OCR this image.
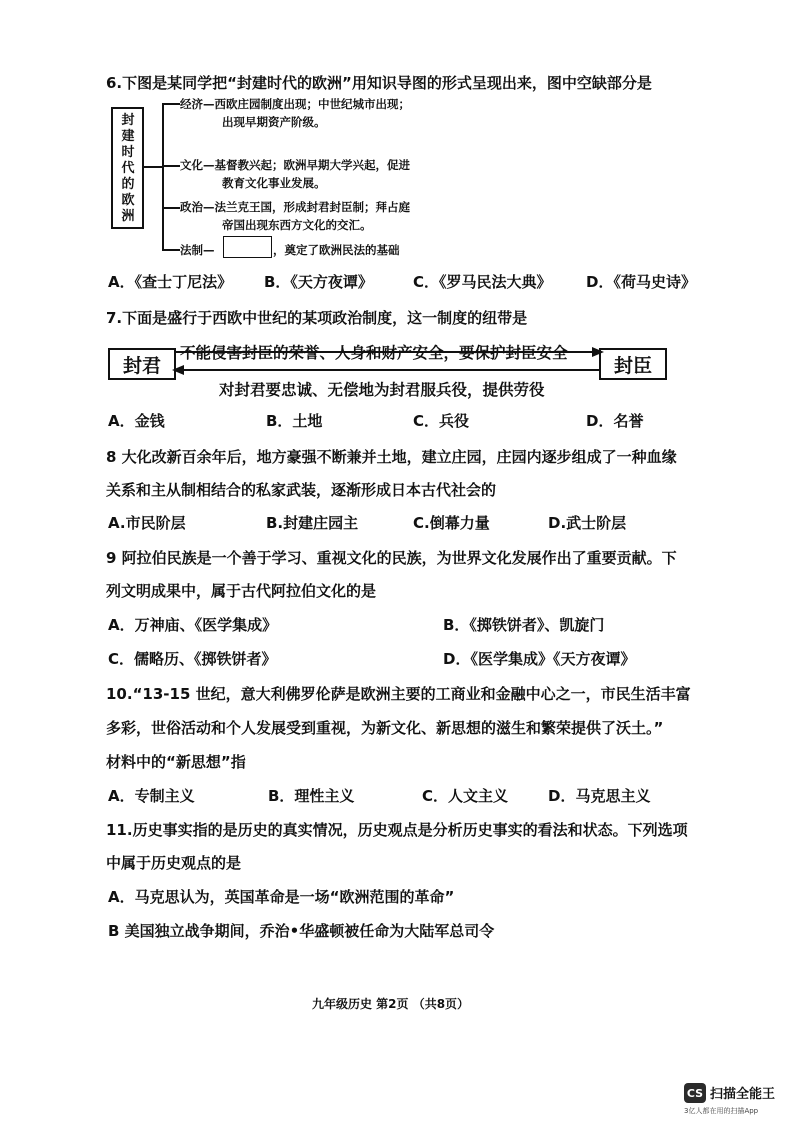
6.下图是某同学把“封建时代的欧洲”用知识导图的形式呈现出来，图中空缺部分是
封建时代的欧洲
经济—西欧庄园制度出现；中世纪城市出现；
出现早期资产阶级。
文化—基督教兴起；欧洲早期大学兴起，促进
教育文化事业发展。
政治—法兰克王国，形成封君封臣制；拜占庭
帝国出现东西方文化的交汇。
法制—	，奠定了欧洲民法的基础
A．《查士丁尼法》 B．《天方夜谭》	C．《罗马民法大典》 D．《荷马史诗》
7.下面是盛行于西欧中世纪的某项政治制度，这一制度的纽带是
封君	封臣
不能侵害封臣的荣誉、人身和财产安全，要保护封臣安全
对封君要忠诚、无偿地为封君服兵役，提供劳役
A．金钱	B．土地	C．兵役	D．名誉
8 大化改新百余年后，地方豪强不断兼并土地，建立庄园，庄园内逐步组成了一种血缘
关系和主从制相结合的私家武装，逐渐形成日本古代社会的
A.市民阶层	B.封建庄园主	C.倒幕力量	D.武士阶层
9 阿拉伯民族是一个善于学习、重视文化的民族，为世界文化发展作出了重要贡献。下
列文明成果中，属于古代阿拉伯文化的是
A．万神庙、《医学集成》	B．《掷铁饼者》、凯旋门
C．儒略历、《掷铁饼者》	D．《医学集成》《天方夜谭》
10.“13-15 世纪，意大利佛罗伦萨是欧洲主要的工商业和金融中心之一，市民生活丰富
多彩，世俗活动和个人发展受到重视，为新文化、新思想的滋生和繁荣提供了沃土。”
材料中的“新思想”指
A．专制主义	B．理性主义	C．人文主义	D．马克思主义
11.历史事实指的是历史的真实情况，历史观点是分析历史事实的看法和状态。下列选项
中属于历史观点的是
A．马克思认为，英国革命是一场“欧洲范围的革命”
B 美国独立战争期间，乔治•华盛顿被任命为大陆军总司令
九年级历史 第2页 （共8页）
CS 扫描全能王
3亿人都在用的扫描App
